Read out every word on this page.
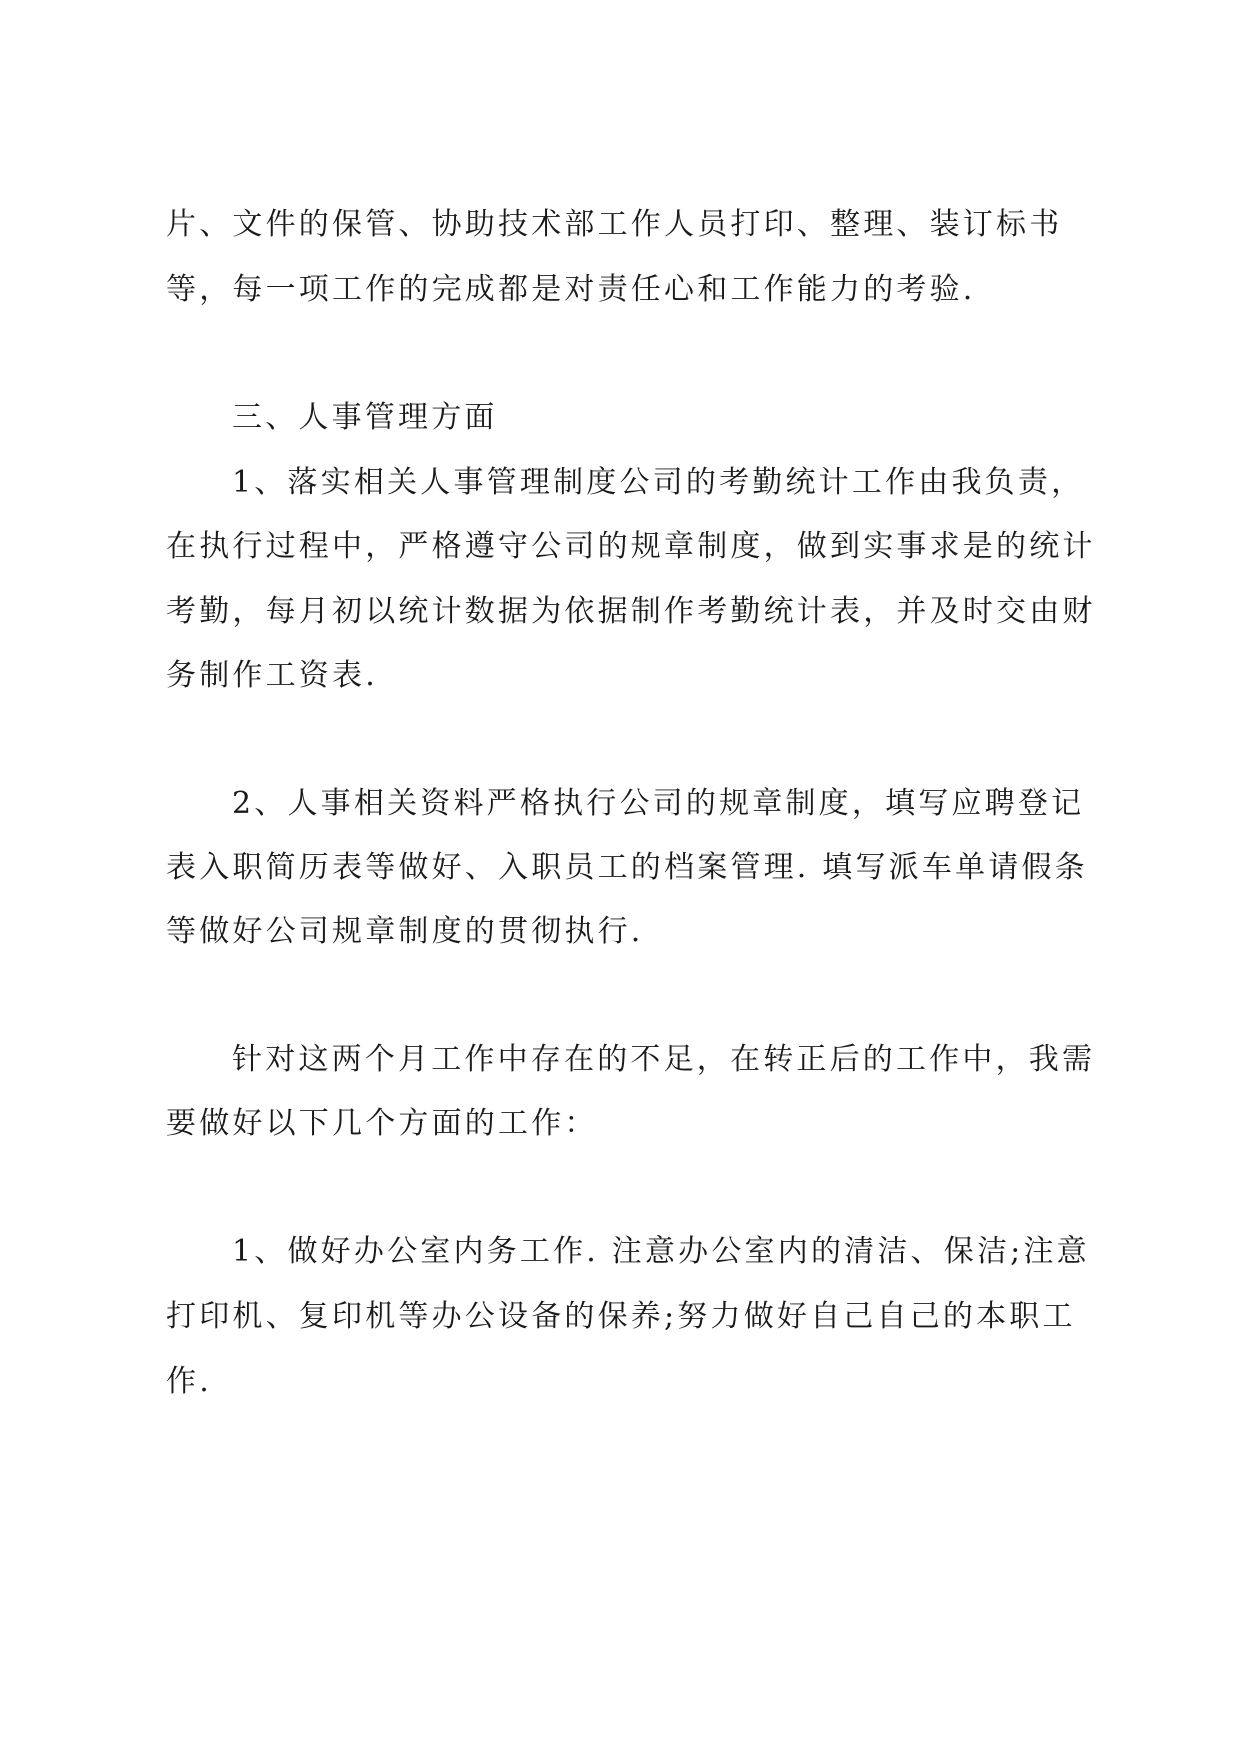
片、文件的保管、协助技术部工作人员打印、整理、装订标书
等，每一项工作的完成都是对责任心和工作能力的考验.
三、人事管理方面
1、落实相关人事管理制度公司的考勤统计工作由我负责，
在执行过程中，严格遵守公司的规章制度，做到实事求是的统计
考勤，每月初以统计数据为依据制作考勤统计表，并及时交由财
务制作工资表.
2、人事相关资料严格执行公司的规章制度，填写应聘登记
表入职简历表等做好、入职员工的档案管理. 填写派车单请假条
等做好公司规章制度的贯彻执行.
针对这两个月工作中存在的不足，在转正后的工作中，我需
要做好以下几个方面的工作：
1、做好办公室内务工作. 注意办公室内的清洁、保洁;注意
打印机、复印机等办公设备的保养;努力做好自己自己的本职工
作.
